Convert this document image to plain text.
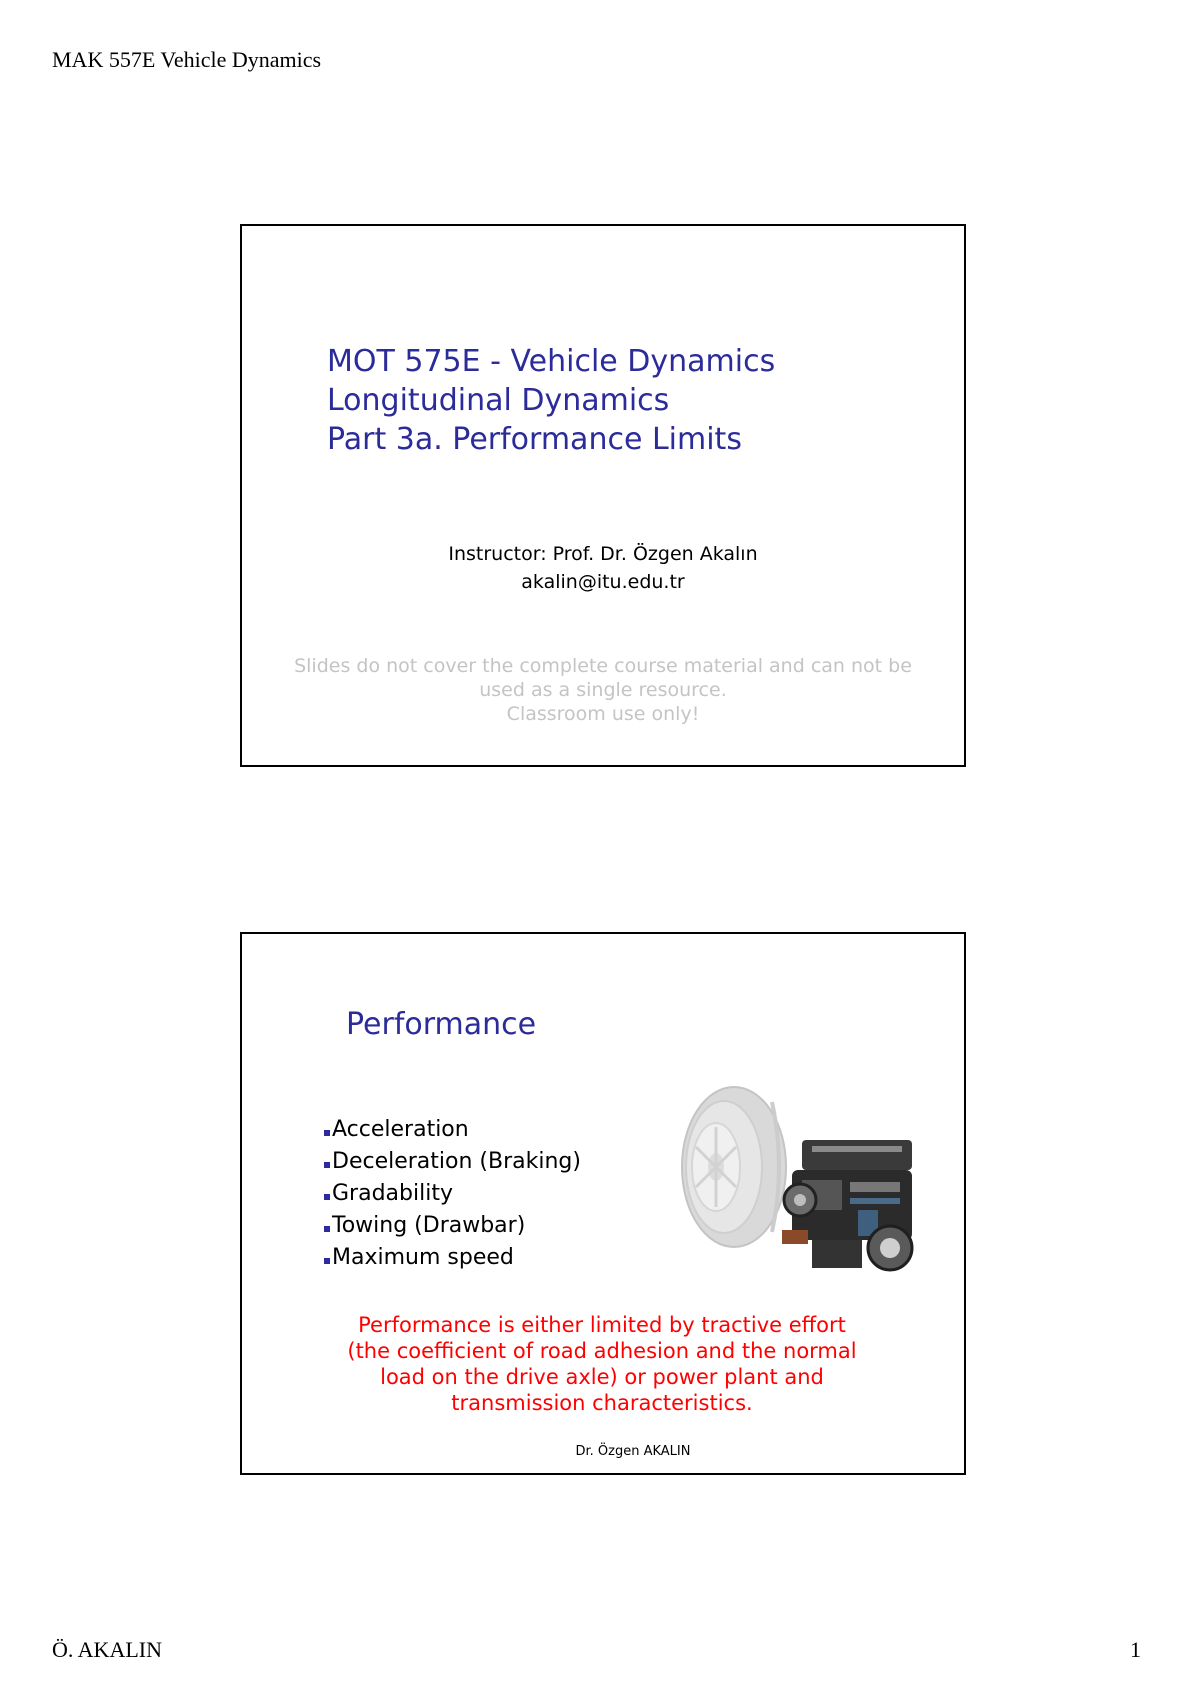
MAK 557E Vehicle Dynamics
MOT 575E - Vehicle Dynamics
Longitudinal Dynamics
Part 3a. Performance Limits
Instructor: Prof. Dr. Özgen Akalın
akalin@itu.edu.tr
Slides do not cover the complete course material and can not be
used as a single resource.
Classroom use only!
Performance
Acceleration
Deceleration (Braking)
Gradability
Towing (Drawbar)
Maximum speed
Performance is either limited by tractive effort
(the coefficient of road adhesion and the normal
load on the drive axle) or power plant and
transmission characteristics.
Dr. Özgen AKALIN
Ö. AKALIN	1
